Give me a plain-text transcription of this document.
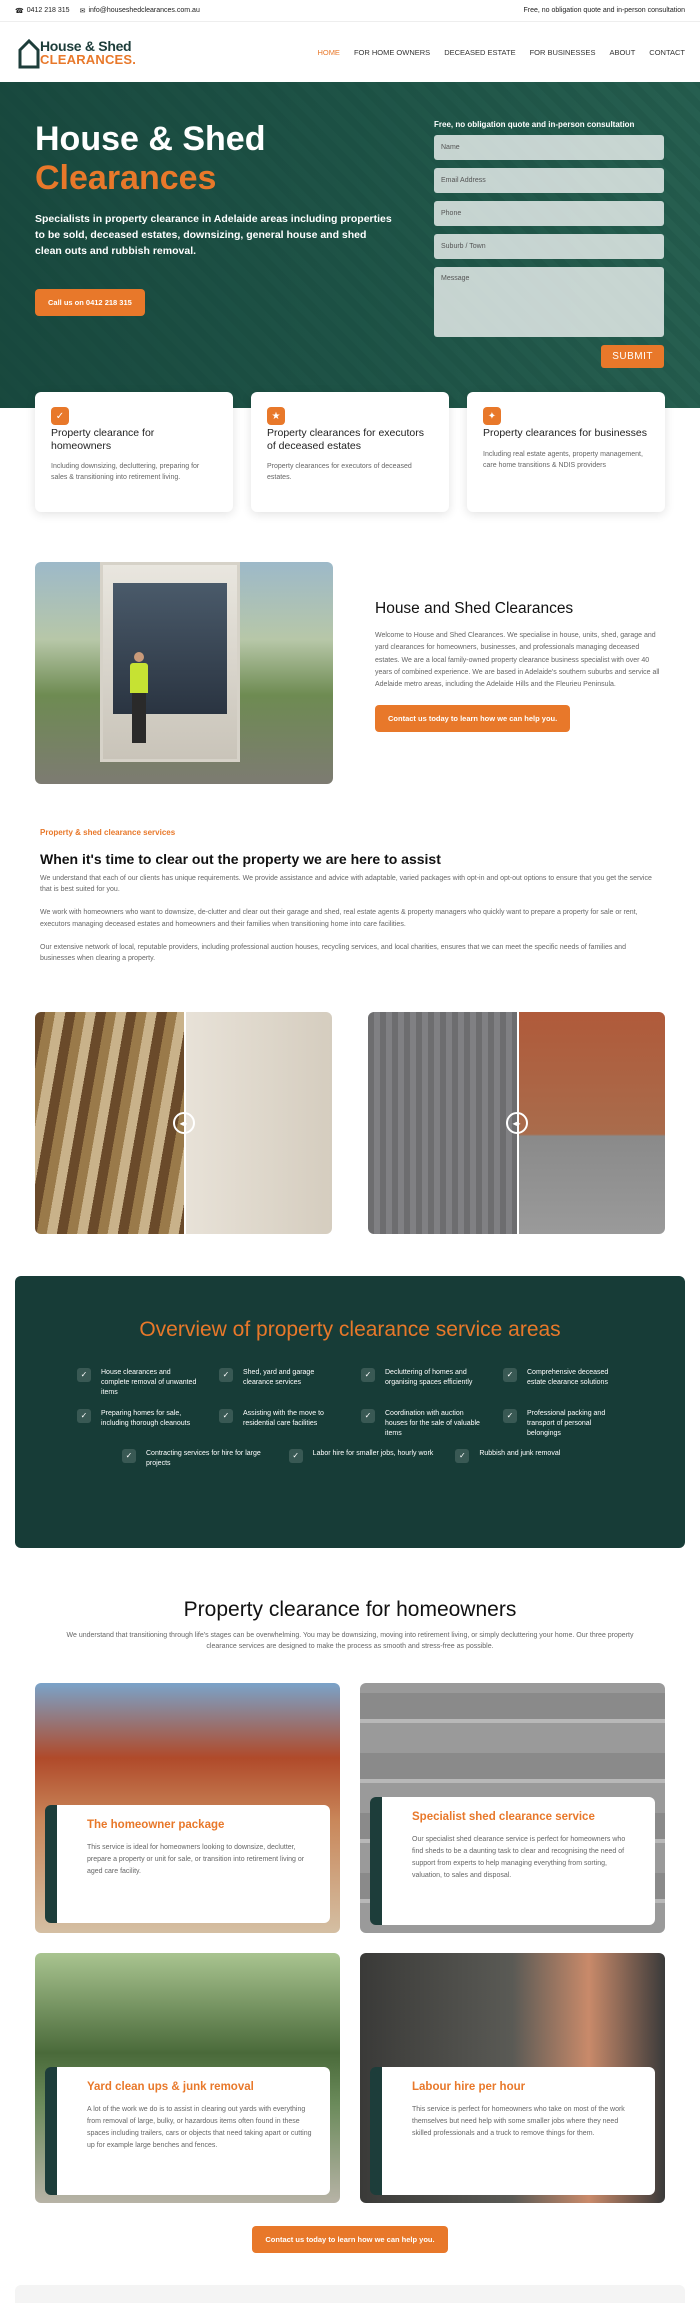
☎ 0412 218 315 ✉ info@houseshedclearances.com.au	Free, no obligation quote and in-person consultation
House & Shed
CLEARANCES.	HOME FOR HOME OWNERS DECEASED ESTATE FOR BUSINESSES ABOUT CONTACT
House & Shed
Clearances

Specialists in property clearance in Adelaide areas including properties to be sold, deceased estates, downsizing, general house and shed clean outs and rubbish removal.

Call us on 0412 218 315
Free, no obligation quote and in-person consultation
Name
Email Address
Phone
Suburb / Town
Message
SUBMIT
✓
Property clearance for homeowners

Including downsizing, decluttering, preparing for sales & transitioning into retirement living.

★
Property clearances for executors of deceased estates

Property clearances for executors of deceased estates.

✦
Property clearances for businesses

Including real estate agents, property management, care home transitions & NDIS providers

House and Shed Clearances

Welcome to House and Shed Clearances. We specialise in house, units, shed, garage and yard clearances for homeowners, businesses, and professionals managing deceased estates. We are a local family-owned property clearance business specialist with over 40 years of combined experience. We are based in Adelaide's southern suburbs and service all Adelaide metro areas, including the Adelaide Hills and the Fleurieu Peninsula.

Contact us today to learn how we can help you.
Property & shed clearance services
When it's time to clear out the property we are here to assist

We understand that each of our clients has unique requirements. We provide assistance and advice with adaptable, varied packages with opt-in and opt-out options to ensure that you get the service that is best suited for you.

We work with homeowners who want to downsize, de-clutter and clear out their garage and shed, real estate agents & property managers who quickly want to prepare a property for sale or rent, executors managing deceased estates and homeowners and their families when transitioning home into care facilities.

Our extensive network of local, reputable providers, including professional auction houses, recycling services, and local charities, ensures that we can meet the specific needs of families and businesses when clearing a property.

◂▸	◂▸
Overview of property clearance service areas
✓	House clearances and complete removal of unwanted items
✓	Shed, yard and garage clearance services
✓	Decluttering of homes and organising spaces efficiently
✓	Comprehensive deceased estate clearance solutions
✓	Preparing homes for sale, including thorough cleanouts
✓	Assisting with the move to residential care facilities
✓	Coordination with auction houses for the sale of valuable items
✓	Professional packing and transport of personal belongings
✓	Contracting services for hire for large projects
✓	Labor hire for smaller jobs, hourly work	✓	Rubbish and junk removal
Property clearance for homeowners

We understand that transitioning through life's stages can be overwhelming. You may be downsizing, moving into retirement living, or simply decluttering your home. Our three property clearance services are designed to make the process as smooth and stress-free as possible.

The homeowner package

This service is ideal for homeowners looking to downsize, declutter, prepare a property or unit for sale, or transition into retirement living or aged care facility.

Specialist shed clearance service

Our specialist shed clearance service is perfect for homeowners who find sheds to be a daunting task to clear and recognising the need of support from experts to help managing everything from sorting, valuation, to sales and disposal.

Yard clean ups & junk removal

A lot of the work we do is to assist in clearing out yards with everything from removal of large, bulky, or hazardous items often found in these spaces including trailers, cars or objects that need taking apart or cutting up for example large benches and fences.

Labour hire per hour

This service is perfect for homeowners who take on most of the work themselves but need help with some smaller jobs where they need skilled professionals and a truck to remove things for them.

Contact us today to learn how we can help you.
